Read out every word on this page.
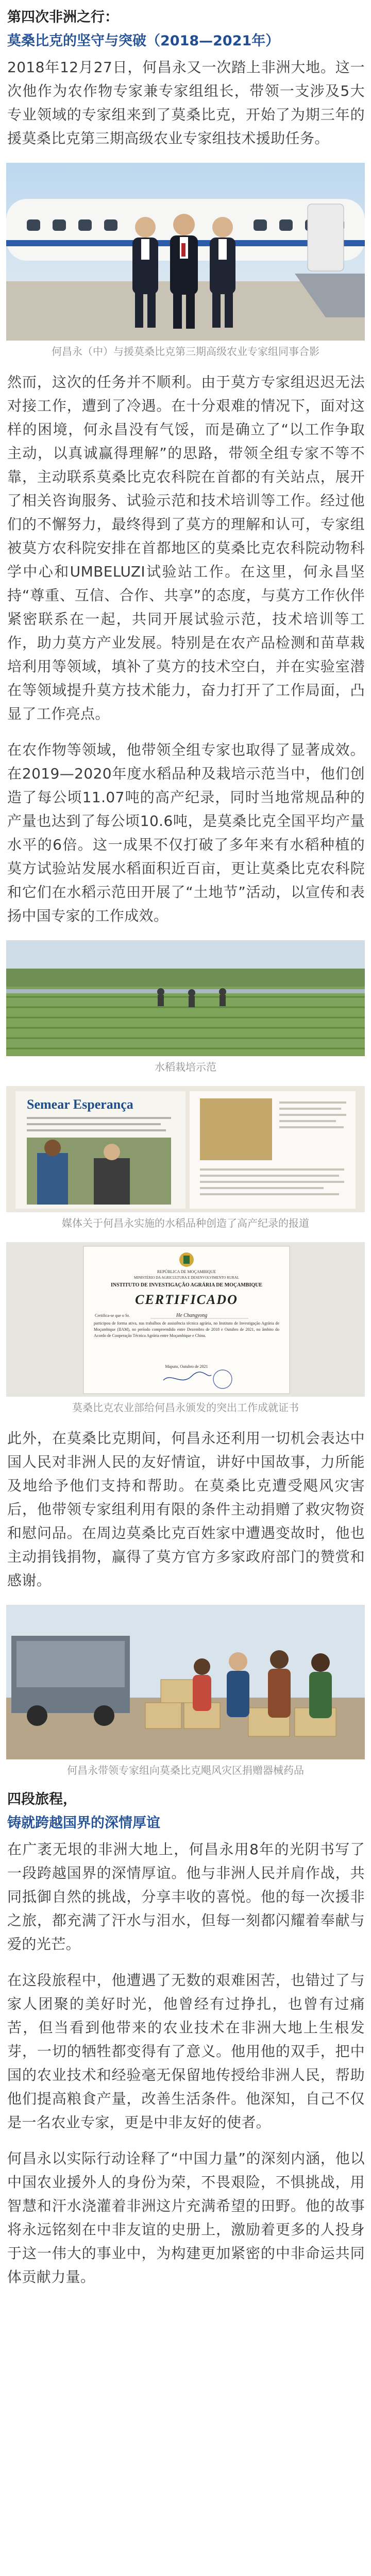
第四次非洲之行：
莫桑比克的坚守与突破（2018—2021年）

2018年12月27日，何昌永又一次踏上非洲大地。这一次他作为农作物专家兼专家组组长，带领一支涉及5大专业领域的专家组来到了莫桑比克，开始了为期三年的援莫桑比克第三期高级农业专家组技术援助任务。

何昌永（中）与援莫桑比克第三期高级农业专家组同事合影

然而，这次的任务并不顺利。由于莫方专家组迟迟无法对接工作，遭到了冷遇。在十分艰难的情况下，面对这样的困境，何永昌没有气馁，而是确立了“以工作争取主动，以真诚赢得理解”的思路，带领全组专家不等不靠，主动联系莫桑比克农科院在首都的有关站点，展开了相关咨询服务、试验示范和技术培训等工作。经过他们的不懈努力，最终得到了莫方的理解和认可，专家组被莫方农科院安排在首都地区的莫桑比克农科院动物科学中心和UMBELUZI试验站工作。在这里，何永昌坚持“尊重、互信、合作、共享”的态度，与莫方工作伙伴紧密联系在一起，共同开展试验示范，技术培训等工作，助力莫方产业发展。特别是在农产品检测和苗草栽培利用等领域，填补了莫方的技术空白，并在实验室潜在等领域提升莫方技术能力，奋力打开了工作局面，凸显了工作亮点。

在农作物等领域，他带领全组专家也取得了显著成效。在2019—2020年度水稻品种及栽培示范当中，他们创造了每公顷11.07吨的高产纪录，同时当地常规品种的产量也达到了每公顷10.6吨，是莫桑比克全国平均产量水平的6倍。这一成果不仅打破了多年来有水稻种植的莫方试验站发展水稻面积近百亩，更让莫桑比克农科院和它们在水稻示范田开展了“土地节”活动，以宣传和表扬中国专家的工作成效。

水稻栽培示范
Semear Esperança
媒体关于何昌永实施的水稻品种创造了高产纪录的报道
REPÚBLICA DE MOÇAMBIQUE
MINISTÉRIO DA AGRICULTURA E DESENVOLVIMENTO RURAL
INSTITUTO DE INVESTIGAÇÃO AGRÁRIA DE MOÇAMBIQUE
CERTIFICADO
Certifica-se que o Sr.	He Changyong
participou de forma ativa, nas trabalhos de assistência técnica agrária, no Instituto de Investigação Agrária de Moçambique (IIAM), no período compreendido entre Dezembro de 2018 e Outubro de 2021, no âmbito do Acordo de Cooperação Técnica Agrária entre Moçambique e China.
Maputo, Outubro de 2021
莫桑比克农业部给何昌永颁发的突出工作成就证书

此外，在莫桑比克期间，何昌永还利用一切机会表达中国人民对非洲人民的友好情谊，讲好中国故事，力所能及地给予他们支持和帮助。在莫桑比克遭受飓风灾害后，他带领专家组利用有限的条件主动捐赠了救灾物资和慰问品。在周边莫桑比克百姓家中遭遇变故时，他也主动捐钱捐物，赢得了莫方官方多家政府部门的赞赏和感谢。

何昌永带领专家组向莫桑比克飓风灾区捐赠器械药品
四段旅程，
铸就跨越国界的深情厚谊

在广袤无垠的非洲大地上，何昌永用8年的光阴书写了一段跨越国界的深情厚谊。他与非洲人民并肩作战，共同抵御自然的挑战，分享丰收的喜悦。他的每一次援非之旅，都充满了汗水与泪水，但每一刻都闪耀着奉献与爱的光芒。

在这段旅程中，他遭遇了无数的艰难困苦，也错过了与家人团聚的美好时光，他曾经有过挣扎，也曾有过痛苦，但当看到他带来的农业技术在非洲大地上生根发芽，一切的牺牲都变得有了意义。他用他的双手，把中国的农业技术和经验毫无保留地传授给非洲人民，帮助他们提高粮食产量，改善生活条件。他深知，自己不仅是一名农业专家，更是中非友好的使者。

何昌永以实际行动诠释了“中国力量”的深刻内涵，他以中国农业援外人的身份为荣，不畏艰险，不惧挑战，用智慧和汗水浇灌着非洲这片充满希望的田野。他的故事将永远铭刻在中非友谊的史册上，激励着更多的人投身于这一伟大的事业中，为构建更加紧密的中非命运共同体贡献力量。
